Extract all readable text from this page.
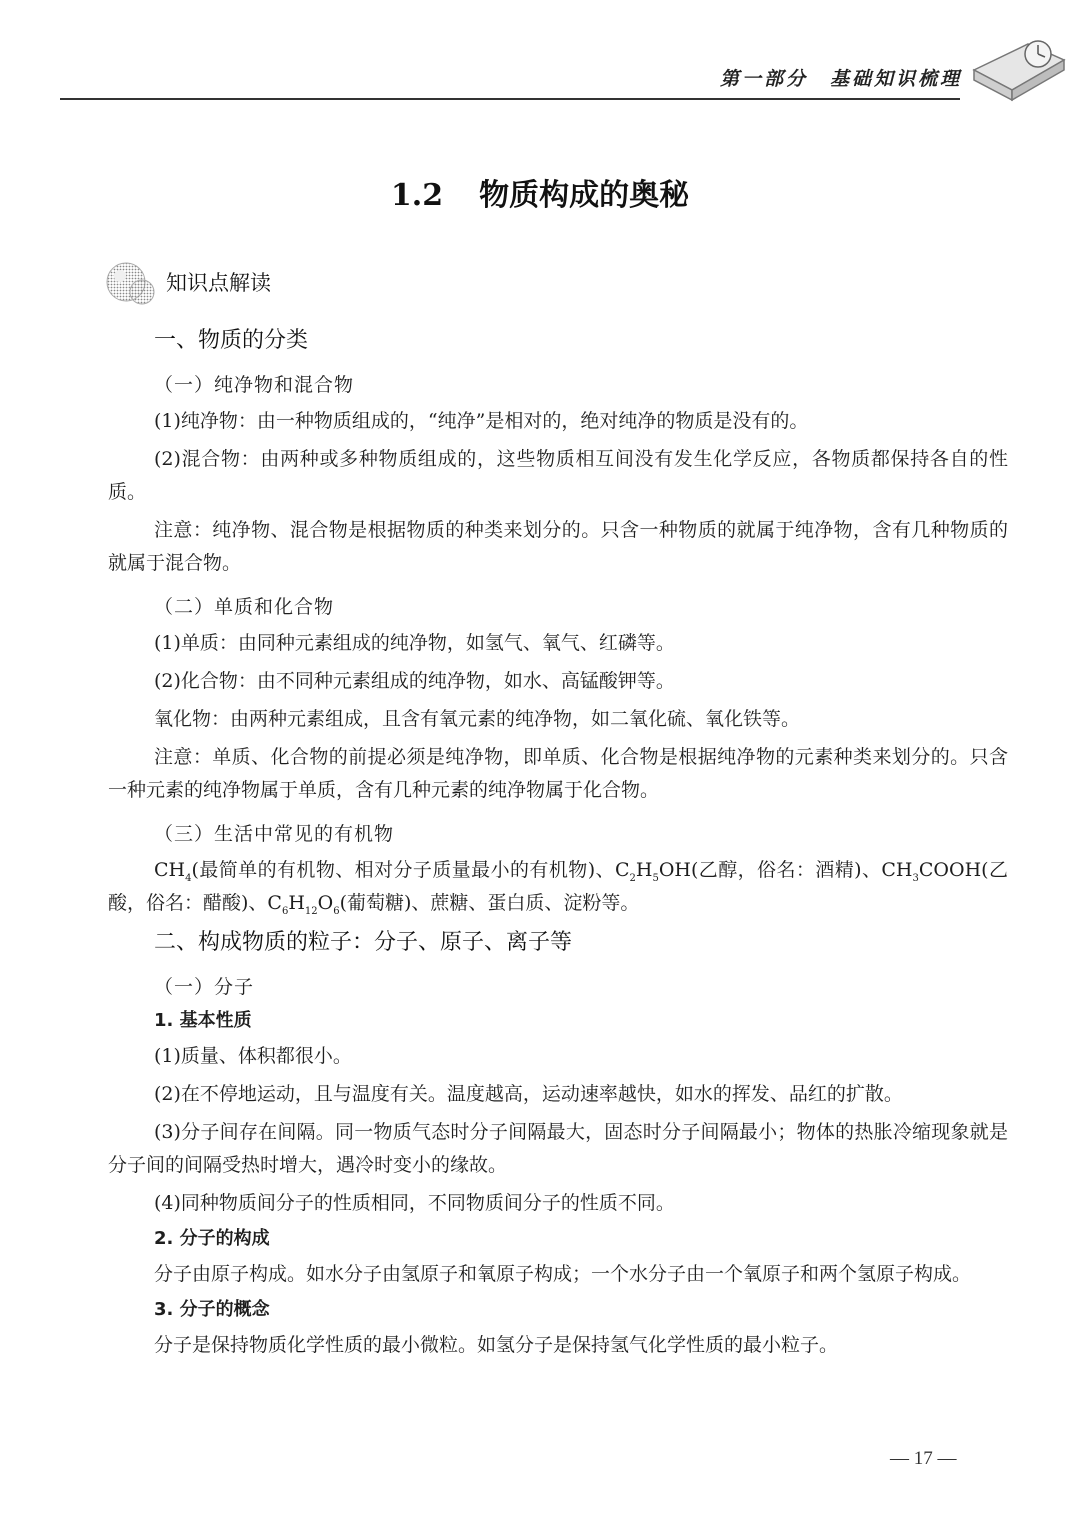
第一部分　基础知识梳理
1.2 物质构成的奥秘
知识点解读
一、物质的分类
（一）纯净物和混合物

(1)纯净物：由一种物质组成的，“纯净”是相对的，绝对纯净的物质是没有的。

(2)混合物：由两种或多种物质组成的，这些物质相互间没有发生化学反应，各物质都保持各自的性质。

注意：纯净物、混合物是根据物质的种类来划分的。只含一种物质的就属于纯净物，含有几种物质的就属于混合物。

（二）单质和化合物

(1)单质：由同种元素组成的纯净物，如氢气、氧气、红磷等。

(2)化合物：由不同种元素组成的纯净物，如水、高锰酸钾等。

氧化物：由两种元素组成，且含有氧元素的纯净物，如二氧化硫、氧化铁等。

注意：单质、化合物的前提必须是纯净物，即单质、化合物是根据纯净物的元素种类来划分的。只含一种元素的纯净物属于单质，含有几种元素的纯净物属于化合物。

（三）生活中常见的有机物

$CH_4$(最简单的有机物、相对分子质量最小的有机物)、$C_2H_5OH$(乙醇，俗名：酒精)、$CH_3COOH$(乙酸，俗名：醋酸)、$C_6H_{12}O_6$(葡萄糖)、蔗糖、蛋白质、淀粉等。

二、构成物质的粒子：分子、原子、离子等
（一）分子
1. 基本性质

(1)质量、体积都很小。

(2)在不停地运动，且与温度有关。温度越高，运动速率越快，如水的挥发、品红的扩散。

(3)分子间存在间隔。同一物质气态时分子间隔最大，固态时分子间隔最小；物体的热胀冷缩现象就是分子间的间隔受热时增大，遇冷时变小的缘故。

(4)同种物质间分子的性质相同，不同物质间分子的性质不同。

2. 分子的构成

分子由原子构成。如水分子由氢原子和氧原子构成；一个水分子由一个氧原子和两个氢原子构成。

3. 分子的概念

分子是保持物质化学性质的最小微粒。如氢分子是保持氢气化学性质的最小粒子。

— 17 —
